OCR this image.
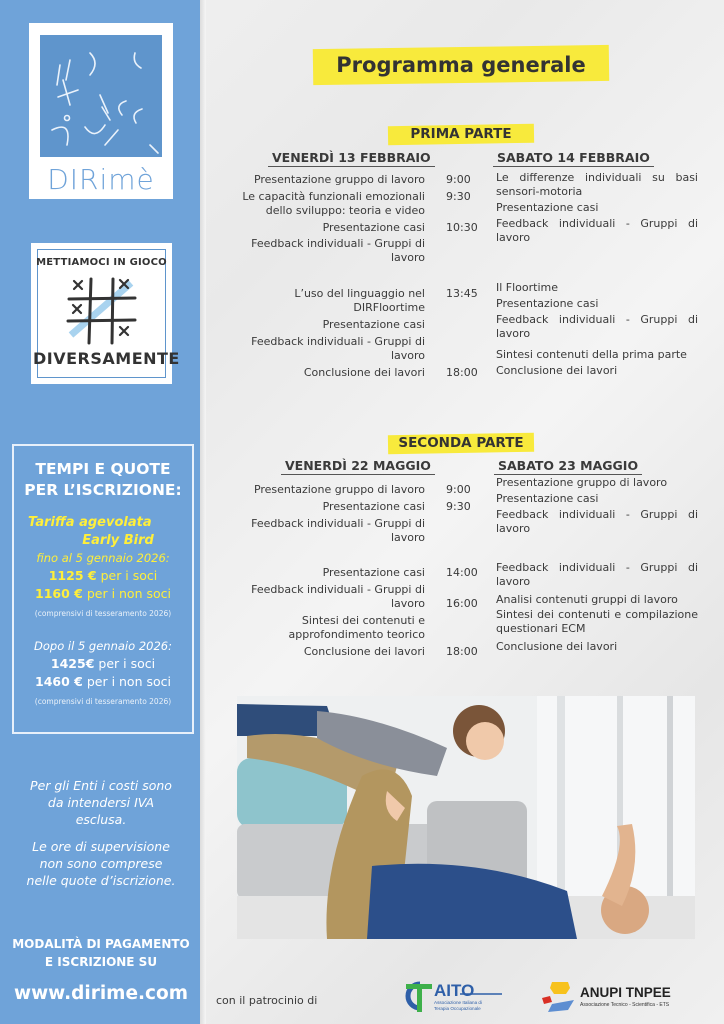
DIRimè
METTIAMOCI IN GIOCO
DIVERSAMENTE
TEMPI E QUOTE
PER L’ISCRIZIONE:
Tariffa agevolata
Early Bird
fino al 5 gennaio 2026:
1125 € per i soci
1160 € per i non soci
(comprensivi di tesseramento 2026)
Dopo il 5 gennaio 2026:
1425€ per i soci
1460 € per i non soci
(comprensivi di tesseramento 2026)
Per gli Enti i costi sono
da intendersi IVA
esclusa.
Le ore di supervisione
non sono comprese
nelle quote d’iscrizione.
MODALITÀ DI PAGAMENTO
E ISCRIZIONE SU
www.dirime.com
Programma generale
PRIMA PARTE
VENERDÌ 13 FEBBRAIO	SABATO 14 FEBBRAIO
Presentazione gruppo di lavoro 9:00
Le capacità funzionali emozionali dello sviluppo: teoria e video
9:30
Presentazione casi 10:30
Feedback individuali - Gruppi di lavoro
L’uso del linguaggio nel DIRFloortime
13:45
Presentazione casi
Feedback individuali - Gruppi di lavoro
Conclusione dei lavori 18:00
Le differenze individuali su basi sensori-motoria
Presentazione casi
Feedback individuali - Gruppi di lavoro
Il Floortime
Presentazione casi
Feedback individuali - Gruppi di lavoro
Sintesi contenuti della prima parte
Conclusione dei lavori
SECONDA PARTE
VENERDÌ 22 MAGGIO	SABATO 23 MAGGIO
Presentazione gruppo di lavoro 9:00
Presentazione casi 9:30
Feedback individuali - Gruppi di lavoro
Presentazione casi 14:00
Feedback individuali - Gruppi di lavoro 16:00
Sintesi dei contenuti e approfondimento teorico
Conclusione dei lavori 18:00
Presentazione gruppo di lavoro
Presentazione casi
Feedback individuali - Gruppi di lavoro
Feedback individuali - Gruppi di lavoro
Analisi contenuti gruppi di lavoro
Sintesi dei contenuti e compilazione questionari ECM
Conclusione dei lavori
con il patrocinio di
AITO
Associazione Italiana di
Terapia Occupazionale
ANUPI TNPEE
Associazione Tecnico - Scientifica - ETS
